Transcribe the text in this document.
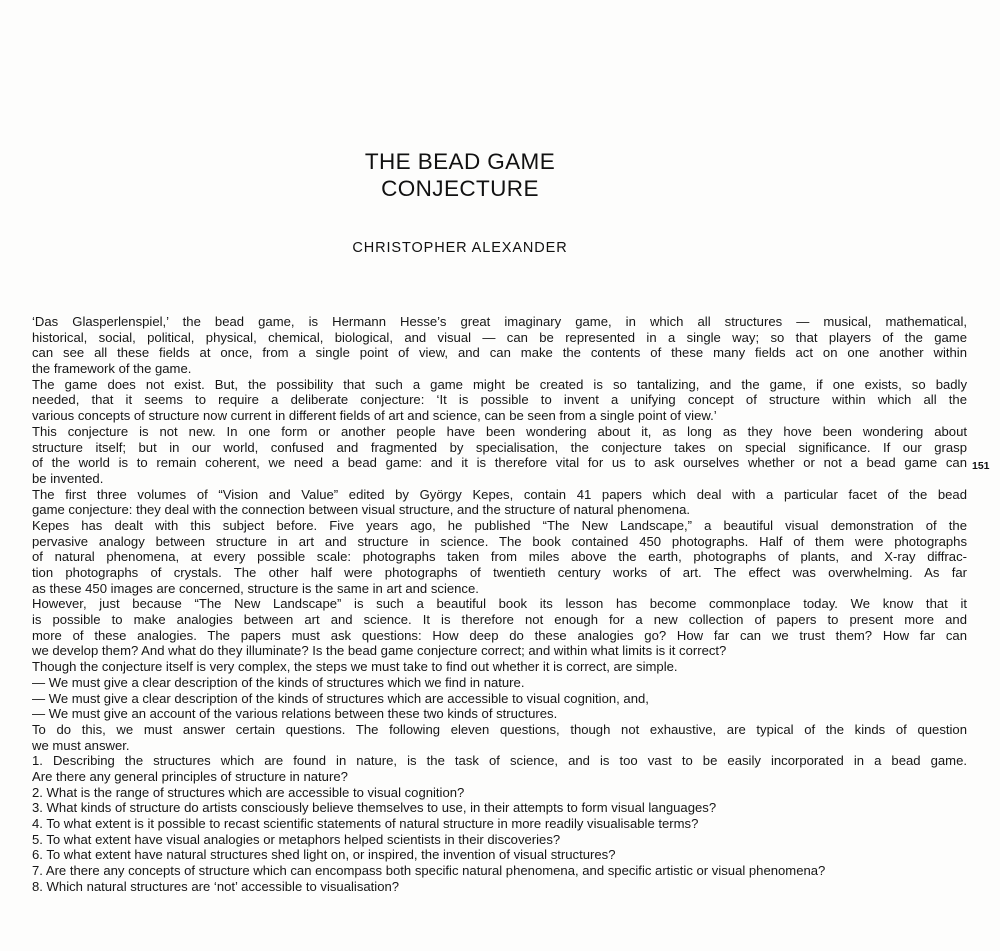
THE BEAD GAME
CONJECTURE
CHRISTOPHER ALEXANDER
‘Das Glasperlenspiel,’ the bead game, is Hermann Hesse’s great imaginary game, in which all structures — musical, mathematical,
historical, social, political, physical, chemical, biological, and visual — can be represented in a single way; so that players of the game
can see all these fields at once, from a single point of view, and can make the contents of these many fields act on one another within
the framework of the game.
The game does not exist. But, the possibility that such a game might be created is so tantalizing, and the game, if one exists, so badly
needed, that it seems to require a deliberate conjecture: ‘It is possible to invent a unifying concept of structure within which all the
various concepts of structure now current in different fields of art and science, can be seen from a single point of view.’
This conjecture is not new. In one form or another people have been wondering about it, as long as they hove been wondering about
structure itself; but in our world, confused and fragmented by specialisation, the conjecture takes on special significance. If our grasp
of the world is to remain coherent, we need a bead game: and it is therefore vital for us to ask ourselves whether or not a bead game can
be invented.
The first three volumes of “Vision and Value” edited by György Kepes, contain 41 papers which deal with a particular facet of the bead
game conjecture: they deal with the connection between visual structure, and the structure of natural phenomena.
Kepes has dealt with this subject before. Five years ago, he published “The New Landscape,” a beautiful visual demonstration of the
pervasive analogy between structure in art and structure in science. The book contained 450 photographs. Half of them were photographs
of natural phenomena, at every possible scale: photographs taken from miles above the earth, photographs of plants, and X-ray diffrac-
tion photographs of crystals. The other half were photographs of twentieth century works of art. The effect was overwhelming. As far
as these 450 images are concerned, structure is the same in art and science.
However, just because “The New Landscape” is such a beautiful book its lesson has become commonplace today. We know that it
is possible to make analogies between art and science. It is therefore not enough for a new collection of papers to present more and
more of these analogies. The papers must ask questions: How deep do these analogies go? How far can we trust them? How far can
we develop them? And what do they illuminate? Is the bead game conjecture correct; and within what limits is it correct?
Though the conjecture itself is very complex, the steps we must take to find out whether it is correct, are simple.
— We must give a clear description of the kinds of structures which we find in nature.
— We must give a clear description of the kinds of structures which are accessible to visual cognition, and,
— We must give an account of the various relations between these two kinds of structures.
To do this, we must answer certain questions. The following eleven questions, though not exhaustive, are typical of the kinds of question
we must answer.
1. Describing the structures which are found in nature, is the task of science, and is too vast to be easily incorporated in a bead game.
Are there any general principles of structure in nature?
2. What is the range of structures which are accessible to visual cognition?
3. What kinds of structure do artists consciously believe themselves to use, in their attempts to form visual languages?
4. To what extent is it possible to recast scientific statements of natural structure in more readily visualisable terms?
5. To what extent have visual analogies or metaphors helped scientists in their discoveries?
6. To what extent have natural structures shed light on, or inspired, the invention of visual structures?
7. Are there any concepts of structure which can encompass both specific natural phenomena, and specific artistic or visual phenomena?
8. Which natural structures are ‘not’ accessible to visualisation?
151
